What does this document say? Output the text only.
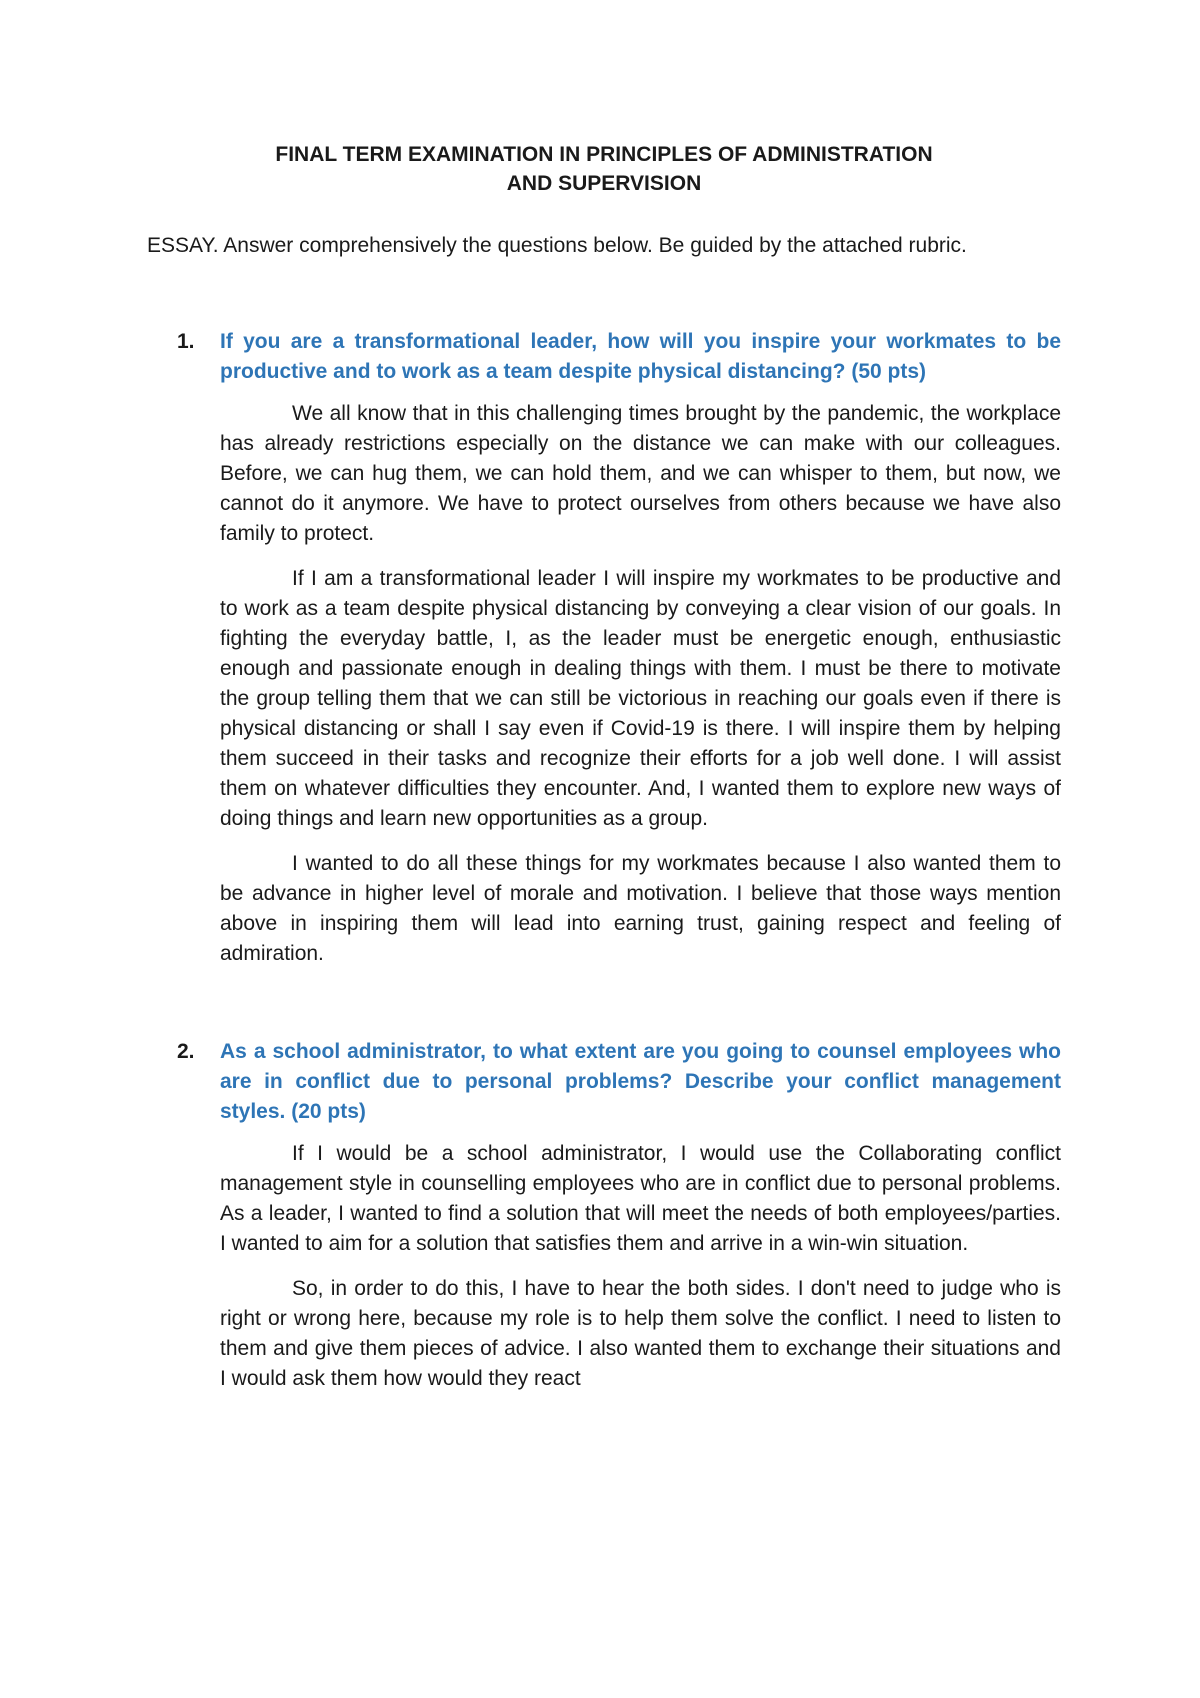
FINAL TERM EXAMINATION IN PRINCIPLES OF ADMINISTRATION
AND SUPERVISION

ESSAY. Answer comprehensively the questions below. Be guided by the attached rubric.

1. If you are a transformational leader, how will you inspire your workmates to be productive and to work as a team despite physical distancing? (50 pts)

We all know that in this challenging times brought by the pandemic, the workplace has already restrictions especially on the distance we can make with our colleagues. Before, we can hug them, we can hold them, and we can whisper to them, but now, we cannot do it anymore. We have to protect ourselves from others because we have also family to protect.

If I am a transformational leader I will inspire my workmates to be productive and to work as a team despite physical distancing by conveying a clear vision of our goals. In fighting the everyday battle, I, as the leader must be energetic enough, enthusiastic enough and passionate enough in dealing things with them. I must be there to motivate the group telling them that we can still be victorious in reaching our goals even if there is physical distancing or shall I say even if Covid-19 is there. I will inspire them by helping them succeed in their tasks and recognize their efforts for a job well done. I will assist them on whatever difficulties they encounter. And, I wanted them to explore new ways of doing things and learn new opportunities as a group.

I wanted to do all these things for my workmates because I also wanted them to be advance in higher level of morale and motivation. I believe that those ways mention above in inspiring them will lead into earning trust, gaining respect and feeling of admiration.

2. As a school administrator, to what extent are you going to counsel employees who are in conflict due to personal problems? Describe your conflict management styles. (20 pts)

If I would be a school administrator, I would use the Collaborating conflict management style in counselling employees who are in conflict due to personal problems. As a leader, I wanted to find a solution that will meet the needs of both employees/parties. I wanted to aim for a solution that satisfies them and arrive in a win-win situation.

So, in order to do this, I have to hear the both sides. I don't need to judge who is right or wrong here, because my role is to help them solve the conflict. I need to listen to them and give them pieces of advice. I also wanted them to exchange their situations and I would ask them how would they react
